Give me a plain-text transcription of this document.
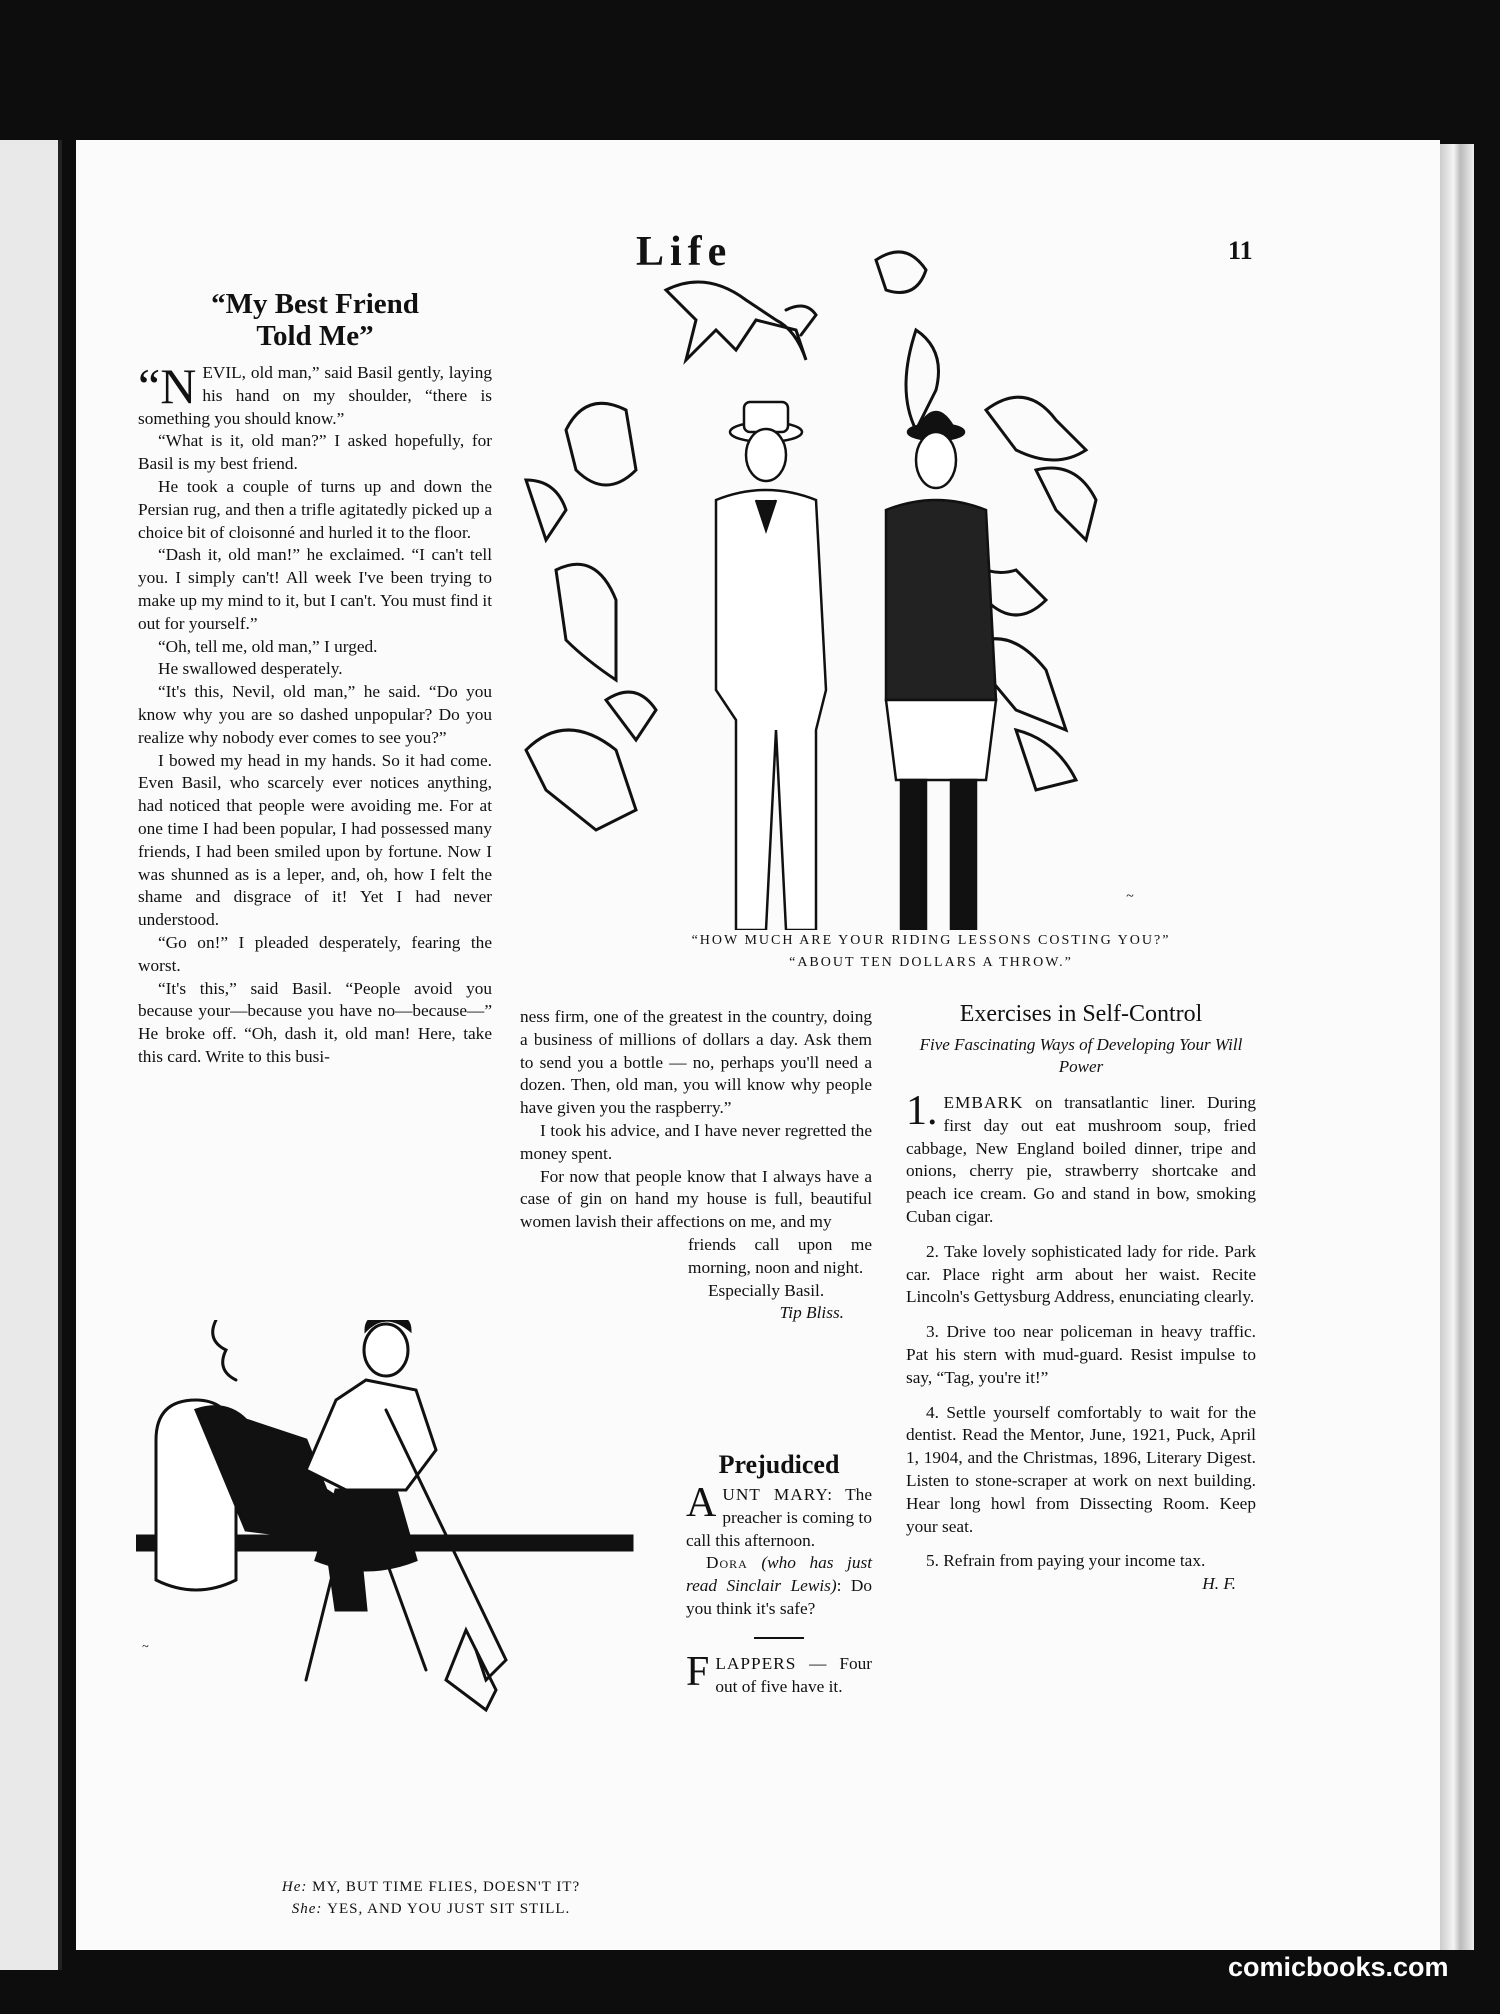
Life	11
“My Best Friend
Told Me”

“NEVIL, old man,” said Basil gently, laying his hand on my shoulder, “there is something you should know.”

“What is it, old man?” I asked hopefully, for Basil is my best friend.

He took a couple of turns up and down the Persian rug, and then a trifle agitatedly picked up a choice bit of cloisonné and hurled it to the floor.

“Dash it, old man!” he exclaimed. “I can't tell you. I simply can't! All week I've been trying to make up my mind to it, but I can't. You must find it out for yourself.”

“Oh, tell me, old man,” I urged.

He swallowed desperately.

“It's this, Nevil, old man,” he said. “Do you know why you are so dashed unpopular? Do you realize why nobody ever comes to see you?”

I bowed my head in my hands. So it had come. Even Basil, who scarcely ever notices anything, had noticed that people were avoiding me. For at one time I had been popular, I had possessed many friends, I had been smiled upon by fortune. Now I was shunned as is a leper, and, oh, how I felt the shame and disgrace of it! Yet I had never understood.

“Go on!” I pleaded desperately, fearing the worst.

“It's this,” said Basil. “People avoid you because your—because you have no—because—” He broke off. “Oh, dash it, old man! Here, take this card. Write to this busi-

ness firm, one of the greatest in the country, doing a business of millions of dollars a day. Ask them to send you a bottle — no, perhaps you'll need a dozen. Then, old man, you will know why people have given you the raspberry.”

I took his advice, and I have never regretted the money spent.

For now that people know that I always have a case of gin on hand my house is full, beautiful women lavish their affections on me, and my

friends call upon me morning, noon and night.

Especially Basil.

Tip Bliss.

~
“HOW MUCH ARE YOUR RIDING LESSONS COSTING YOU?”
“ABOUT TEN DOLLARS A THROW.”
~
He: MY, BUT TIME FLIES, DOESN'T IT?
She: YES, AND YOU JUST SIT STILL.
Prejudiced

AUNT MARY: The preacher is coming to call this afternoon.

Dora (who has just read Sinclair Lewis): Do you think it's safe?

FLAPPERS — Four out of five have it.

Exercises in Self-Control
Five Fascinating Ways of Developing Your Will Power

1. EMBARK on transatlantic liner. During first day out eat mushroom soup, fried cabbage, New England boiled dinner, tripe and onions, cherry pie, strawberry shortcake and peach ice cream. Go and stand in bow, smoking Cuban cigar.

2. Take lovely sophisticated lady for ride. Park car. Place right arm about her waist. Recite Lincoln's Gettysburg Address, enunciating clearly.

3. Drive too near policeman in heavy traffic. Pat his stern with mud-guard. Resist impulse to say, “Tag, you're it!”

4. Settle yourself comfortably to wait for the dentist. Read the Mentor, June, 1921, Puck, April 1, 1904, and the Christmas, 1896, Literary Digest. Listen to stone-scraper at work on next building. Hear long howl from Dissecting Room. Keep your seat.

5. Refrain from paying your income tax.

H. F.

comicbooks.com
